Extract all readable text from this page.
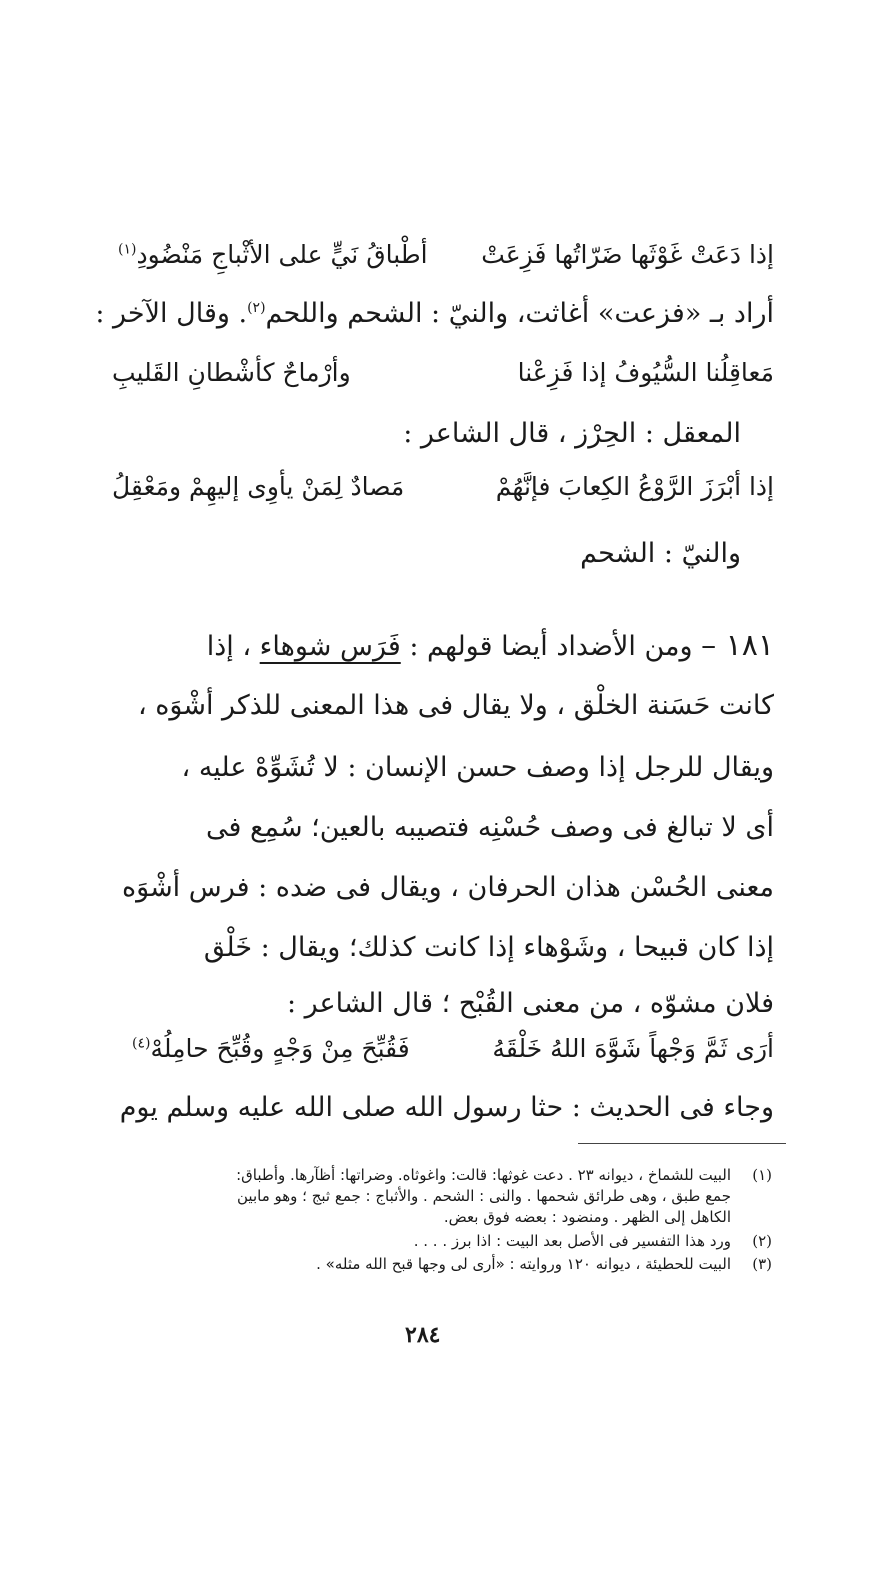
إذا دَعَتْ غَوْثَها ضَرّاتُها فَزِعَتْ
أطْباقُ نَيٍّ على الأثْباجِ مَنْضُودِ$^{(١)}$
أراد بـ «فزعت» أغاثت، والنيّ : الشحم واللحم$^{(٢)}$. وقال الآخر :
مَعاقِلُنا السُّيُوفُ إذا فَزِعْنا
وأرْماحٌ كأشْطانِ القَليبِ
المعقل : الحِرْز ، قال الشاعر :
إذا أبْرَزَ الرَّوْعُ الكِعابَ فإنَّهُمْ
مَصادٌ لِمَنْ يأوِى إليهِمْ ومَعْقِلُ
والنيّ : الشحم
١٨١ – ومن الأضداد أيضا قولهم : فَرَس شوهاء ، إذا
كانت حَسَنة الخلْق ، ولا يقال فى هذا المعنى للذكر أشْوَه ،
ويقال للرجل إذا وصف حسن الإنسان : لا تُشَوِّهْ عليه ،
أى لا تبالغ فى وصف حُسْنِه فتصيبه بالعين؛ سُمِع فى
معنى الحُسْن هذان الحرفان ، ويقال فى ضده : فرس أشْوَه
إذا كان قبيحا ، وشَوْهاء إذا كانت كذلك؛ ويقال : خَلْق
فلان مشوّه ، من معنى القُبْح ؛ قال الشاعر :
أرَى ثَمَّ وَجْهاً شَوَّهَ اللهُ خَلْقَهُ
فَقُبِّحَ مِنْ وَجْهٍ وقُبِّحَ حامِلُهْ$^{(٤)}$
وجاء فى الحديث : حثا رسول الله صلى الله عليه وسلم يوم
(١)
البيت للشماخ ، ديوانه ٢٣ . دعت غوثها: قالت: واغوثاه. وضراتها: أظآرها. وأطباق:
جمع طبق ، وهى طرائق شحمها . والنى : الشحم . والأثباج : جمع ثبج ؛ وهو مابين
الكاهل إلى الظهر . ومنضود : بعضه فوق بعض.
(٢)
ورد هذا التفسير فى الأصل بعد البيت : اذا برز . . . .
(٣)
البيت للحطيئة ، ديوانه ١٢٠ وروايته : «أرى لى وجها قبح الله مثله» .
٢٨٤
